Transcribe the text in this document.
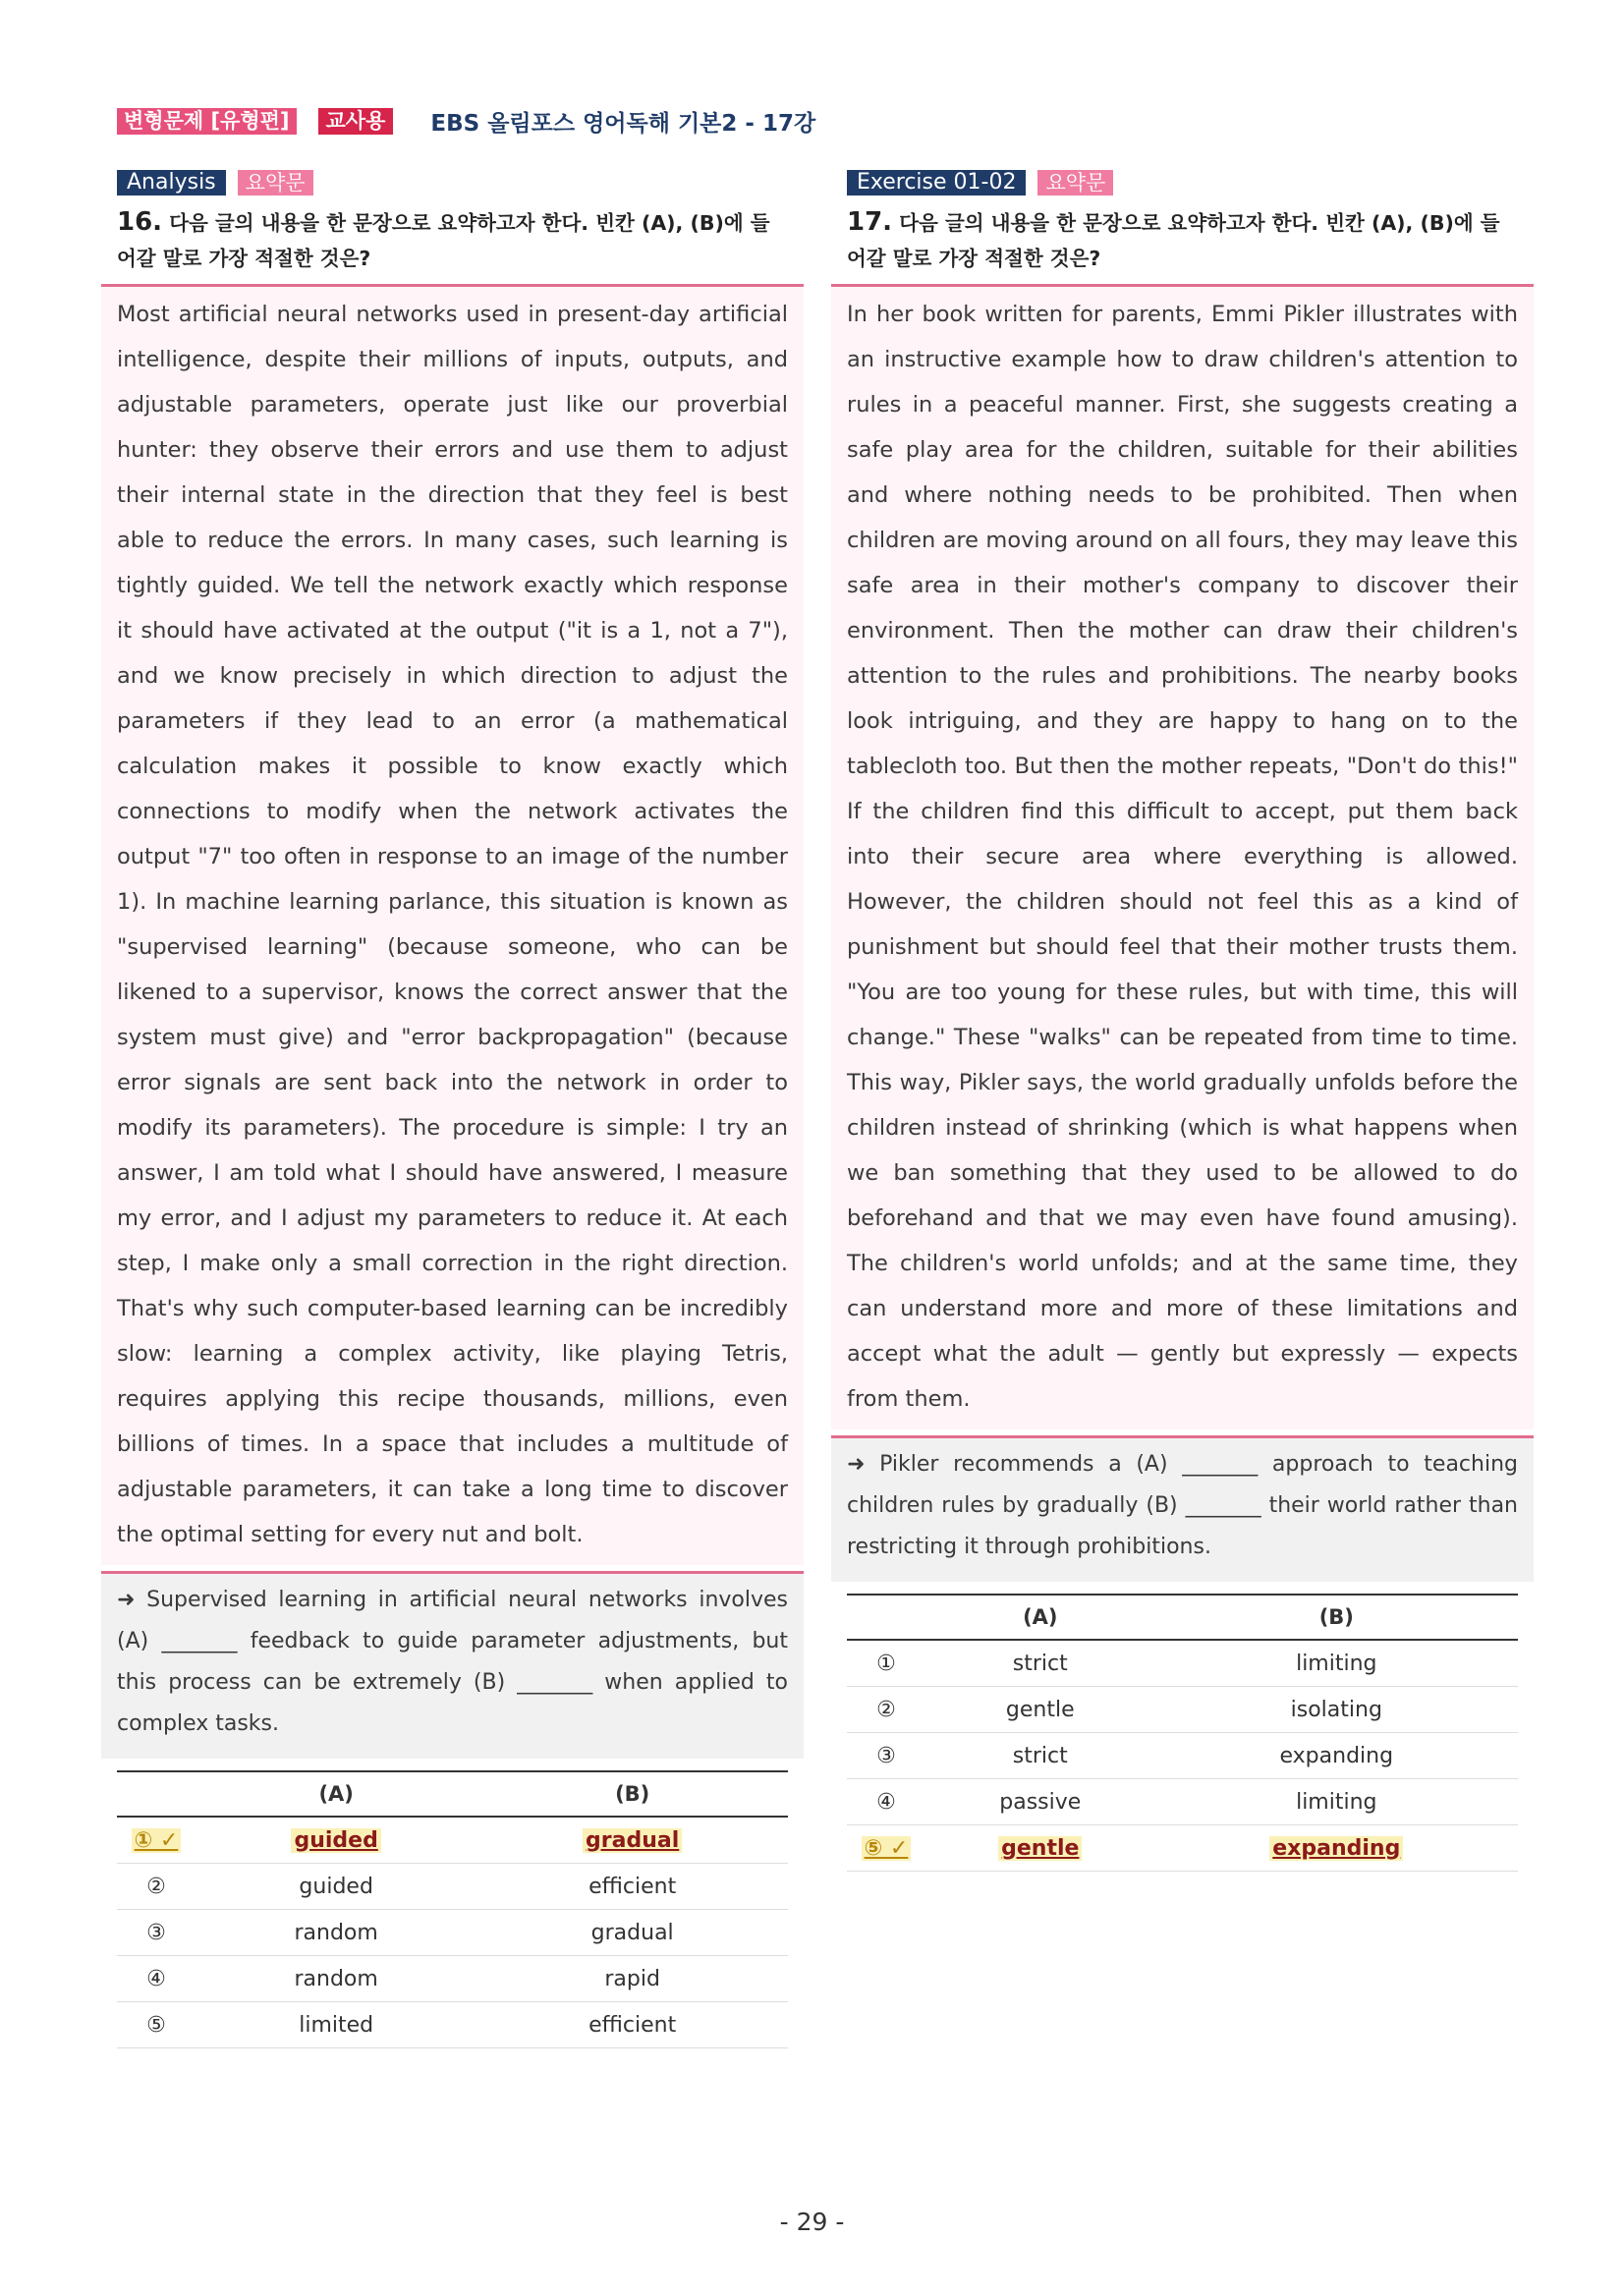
변형문제 [유형편]	교사용	EBS 올림포스 영어독해 기본2 - 17강
Analysis	요약문
16. 다음 글의 내용을 한 문장으로 요약하고자 한다. 빈칸 (A), (B)에 들어갈 말로 가장 적절한 것은?
Most artificial neural networks used in present-day artificial intelligence, despite their millions of inputs, outputs, and adjustable parameters, operate just like our proverbial hunter: they observe their errors and use them to adjust their internal state in the direction that they feel is best able to reduce the errors. In many cases, such learning is tightly guided. We tell the network exactly which response it should have activated at the output ("it is a 1, not a 7"), and we know precisely in which direction to adjust the parameters if they lead to an error (a mathematical calculation makes it possible to know exactly which connections to modify when the network activates the output "7" too often in response to an image of the number 1). In machine learning parlance, this situation is known as "supervised learning" (because someone, who can be likened to a supervisor, knows the correct answer that the system must give) and "error backpropagation" (because error signals are sent back into the network in order to modify its parameters). The procedure is simple: I try an answer, I am told what I should have answered, I measure my error, and I adjust my parameters to reduce it. At each step, I make only a small correction in the right direction. That's why such computer-based learning can be incredibly slow: learning a complex activity, like playing Tetris, requires applying this recipe thousands, millions, even billions of times. In a space that includes a multitude of adjustable parameters, it can take a long time to discover the optimal setting for every nut and bolt.
➜ Supervised learning in artificial neural networks involves (A) _______ feedback to guide parameter adjustments, but this process can be extremely (B) _______ when applied to complex tasks.
	(A)	(B)
① ✓	guided	gradual
②	guided	efficient
③	random	gradual
④	random	rapid
⑤	limited	efficient
Exercise 01-02	요약문
17. 다음 글의 내용을 한 문장으로 요약하고자 한다. 빈칸 (A), (B)에 들어갈 말로 가장 적절한 것은?
In her book written for parents, Emmi Pikler illustrates with an instructive example how to draw children's attention to rules in a peaceful manner. First, she suggests creating a safe play area for the children, suitable for their abilities and where nothing needs to be prohibited. Then when children are moving around on all fours, they may leave this safe area in their mother's company to discover their environment. Then the mother can draw their children's attention to the rules and prohibitions. The nearby books look intriguing, and they are happy to hang on to the tablecloth too. But then the mother repeats, "Don't do this!" If the children find this difficult to accept, put them back into their secure area where everything is allowed. However, the children should not feel this as a kind of punishment but should feel that their mother trusts them. "You are too young for these rules, but with time, this will change." These "walks" can be repeated from time to time. This way, Pikler says, the world gradually unfolds before the children instead of shrinking (which is what happens when we ban something that they used to be allowed to do beforehand and that we may even have found amusing). The children's world unfolds; and at the same time, they can understand more and more of these limitations and accept what the adult — gently but expressly — expects from them.
➜ Pikler recommends a (A) _______ approach to teaching children rules by gradually (B) _______ their world rather than restricting it through prohibitions.
	(A)	(B)
①	strict	limiting
②	gentle	isolating
③	strict	expanding
④	passive	limiting
⑤ ✓	gentle	expanding
- 29 -
